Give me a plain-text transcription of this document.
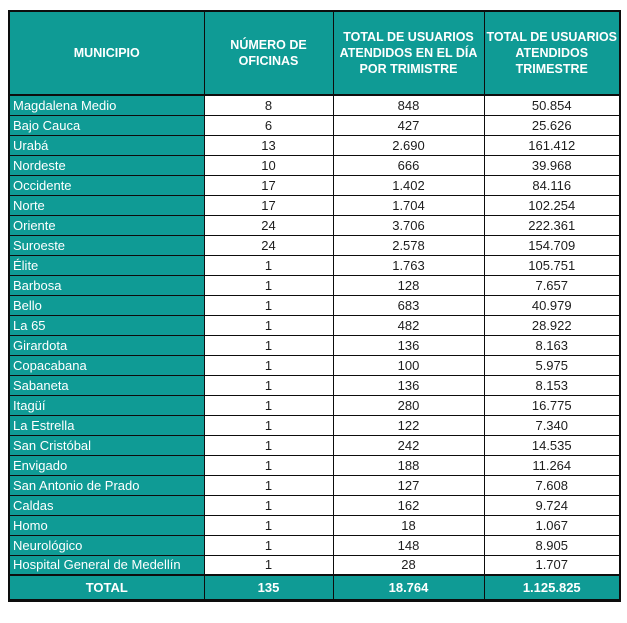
MUNICIPIO	NÚMERO DE OFICINAS	TOTAL DE USUARIOS ATENDIDOS EN EL DÍA POR TRIMISTRE	TOTAL DE USUARIOS ATENDIDOS TRIMESTRE
Magdalena Medio	8	848	50.854
Bajo Cauca	6	427	25.626
Urabá	13	2.690	161.412
Nordeste	10	666	39.968
Occidente	17	1.402	84.116
Norte	17	1.704	102.254
Oriente	24	3.706	222.361
Suroeste	24	2.578	154.709
Élite	1	1.763	105.751
Barbosa	1	128	7.657
Bello	1	683	40.979
La 65	1	482	28.922
Girardota	1	136	8.163
Copacabana	1	100	5.975
Sabaneta	1	136	8.153
Itagüí	1	280	16.775
La Estrella	1	122	7.340
San Cristóbal	1	242	14.535
Envigado	1	188	11.264
San Antonio de Prado	1	127	7.608
Caldas	1	162	9.724
Homo	1	18	1.067
Neurológico	1	148	8.905
Hospital General de Medellín	1	28	1.707
TOTAL	135	18.764	1.125.825
